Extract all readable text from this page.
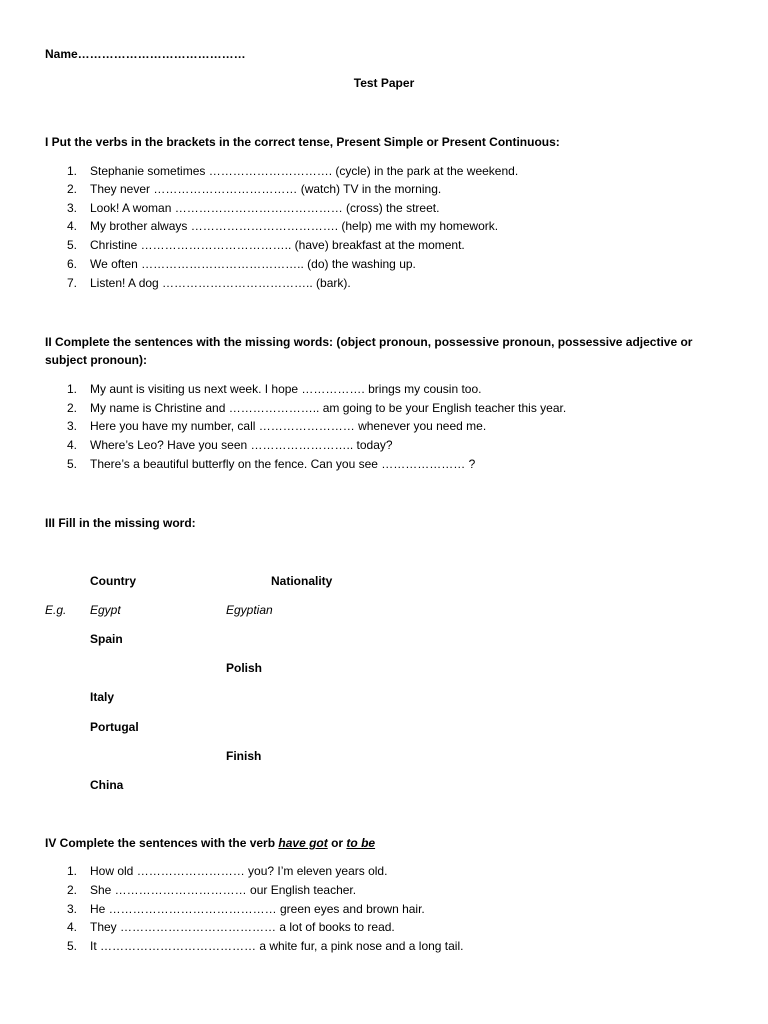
Name……………………………………
Test Paper
I Put the verbs in the brackets in the correct tense, Present Simple or Present Continuous:
1. Stephanie sometimes …………………………. (cycle) in the park at the weekend.
2. They never ……………………………… (watch) TV in the morning.
3. Look! A woman …………………………………… (cross) the street.
4. My brother always ………………………………. (help) me with my homework.
5. Christine ……………………………….. (have) breakfast at the moment.
6. We often ………………………………….. (do) the washing up.
7. Listen! A dog ……………………………….. (bark).
II Complete the sentences with the missing words: (object pronoun, possessive pronoun, possessive adjective or
subject pronoun):
1. My aunt is visiting us next week. I hope ……………. brings my cousin too.
2. My name is Christine and ………………….. am going to be your English teacher this year.
3. Here you have my number, call …………………… whenever you need me.
4. Where’s Leo? Have you seen …………………….. today?
5. There’s a beautiful butterfly on the fence. Can you see ………………… ?
III Fill in the missing word:
Country	Nationality
E.g. Egypt	Egyptian
Spain
Polish
Italy
Portugal
Finish
China
IV Complete the sentences with the verb have got or to be
1. How old ……………………… you? I’m eleven years old.
2. She …………………………… our English teacher.
3. He …………………………………… green eyes and brown hair.
4. They ………………………………… a lot of books to read.
5. It ………………………………… a white fur, a pink nose and a long tail.
